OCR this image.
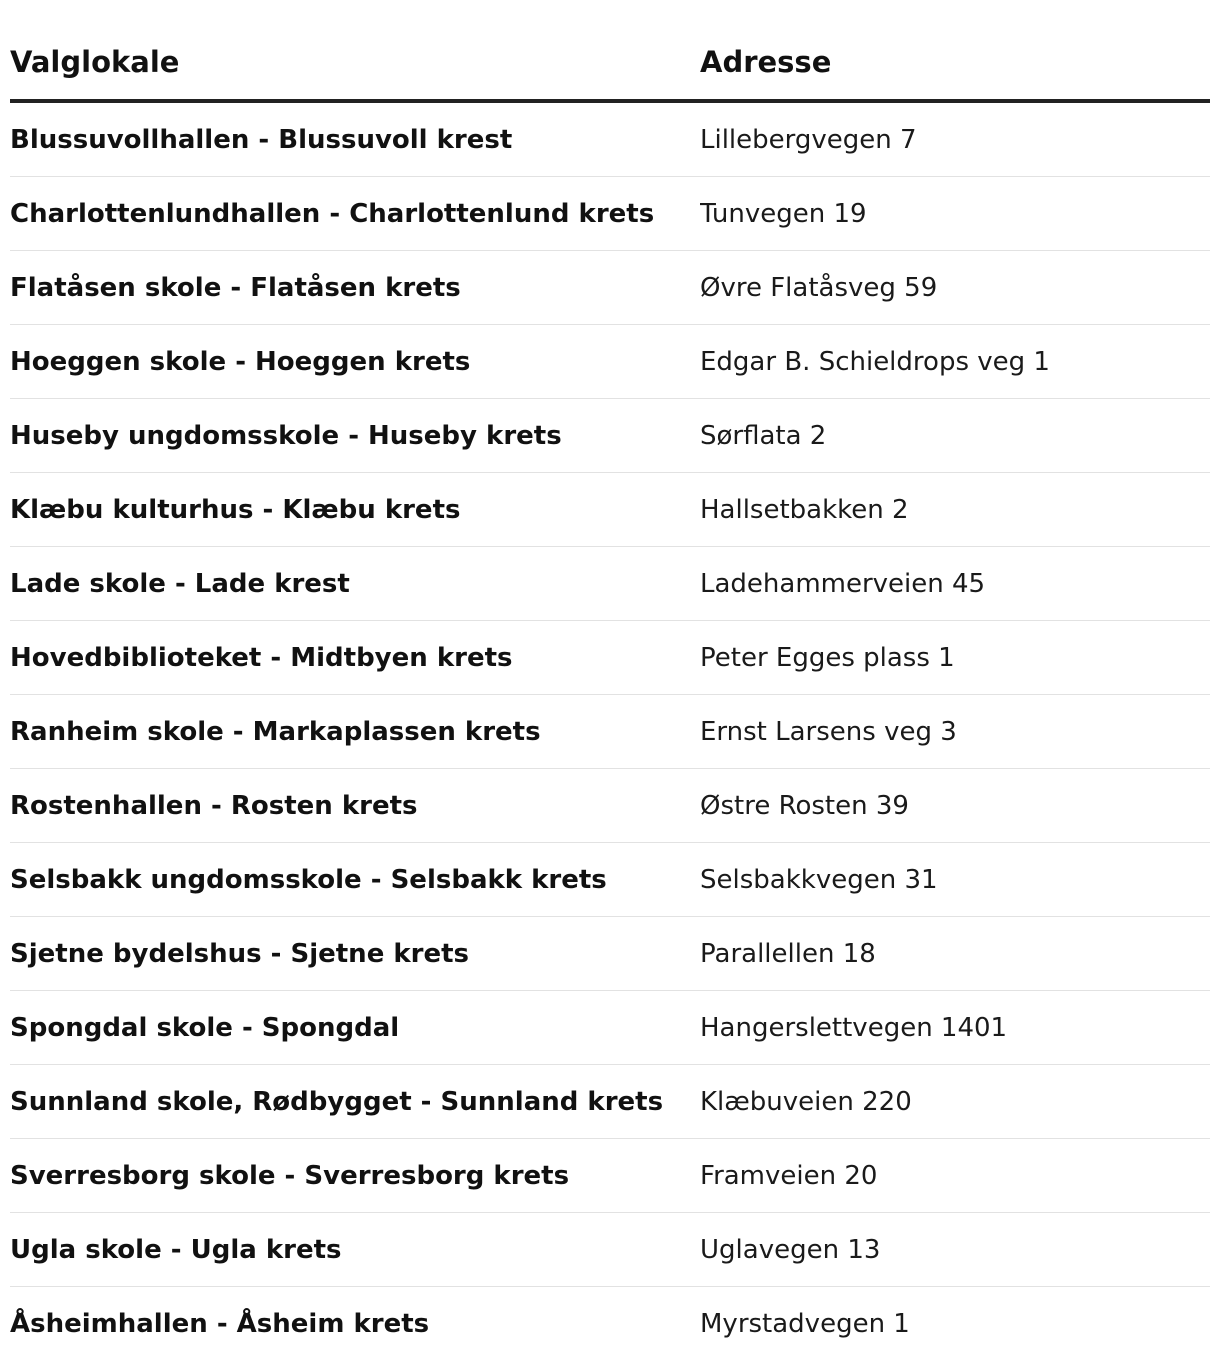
Valglokale	Adresse

Blussuvollhallen - Blussuvoll krest	Lillebergvegen 7
Charlottenlundhallen - Charlottenlund krets	Tunvegen 19
Flatåsen skole - Flatåsen krets	Øvre Flatåsveg 59
Hoeggen skole - Hoeggen krets	Edgar B. Schieldrops veg 1
Huseby ungdomsskole - Huseby krets	Sørflata 2
Klæbu kulturhus - Klæbu krets	Hallsetbakken 2
Lade skole - Lade krest	Ladehammerveien 45
Hovedbiblioteket - Midtbyen krets	Peter Egges plass 1
Ranheim skole - Markaplassen krets	Ernst Larsens veg 3
Rostenhallen - Rosten krets	Østre Rosten 39
Selsbakk ungdomsskole - Selsbakk krets	Selsbakkvegen 31
Sjetne bydelshus - Sjetne krets	Parallellen 18
Spongdal skole - Spongdal	Hangerslettvegen 1401
Sunnland skole, Rødbygget - Sunnland krets	Klæbuveien 220
Sverresborg skole - Sverresborg krets	Framveien 20
Ugla skole - Ugla krets	Uglavegen 13
Åsheimhallen - Åsheim krets	Myrstadvegen 1
